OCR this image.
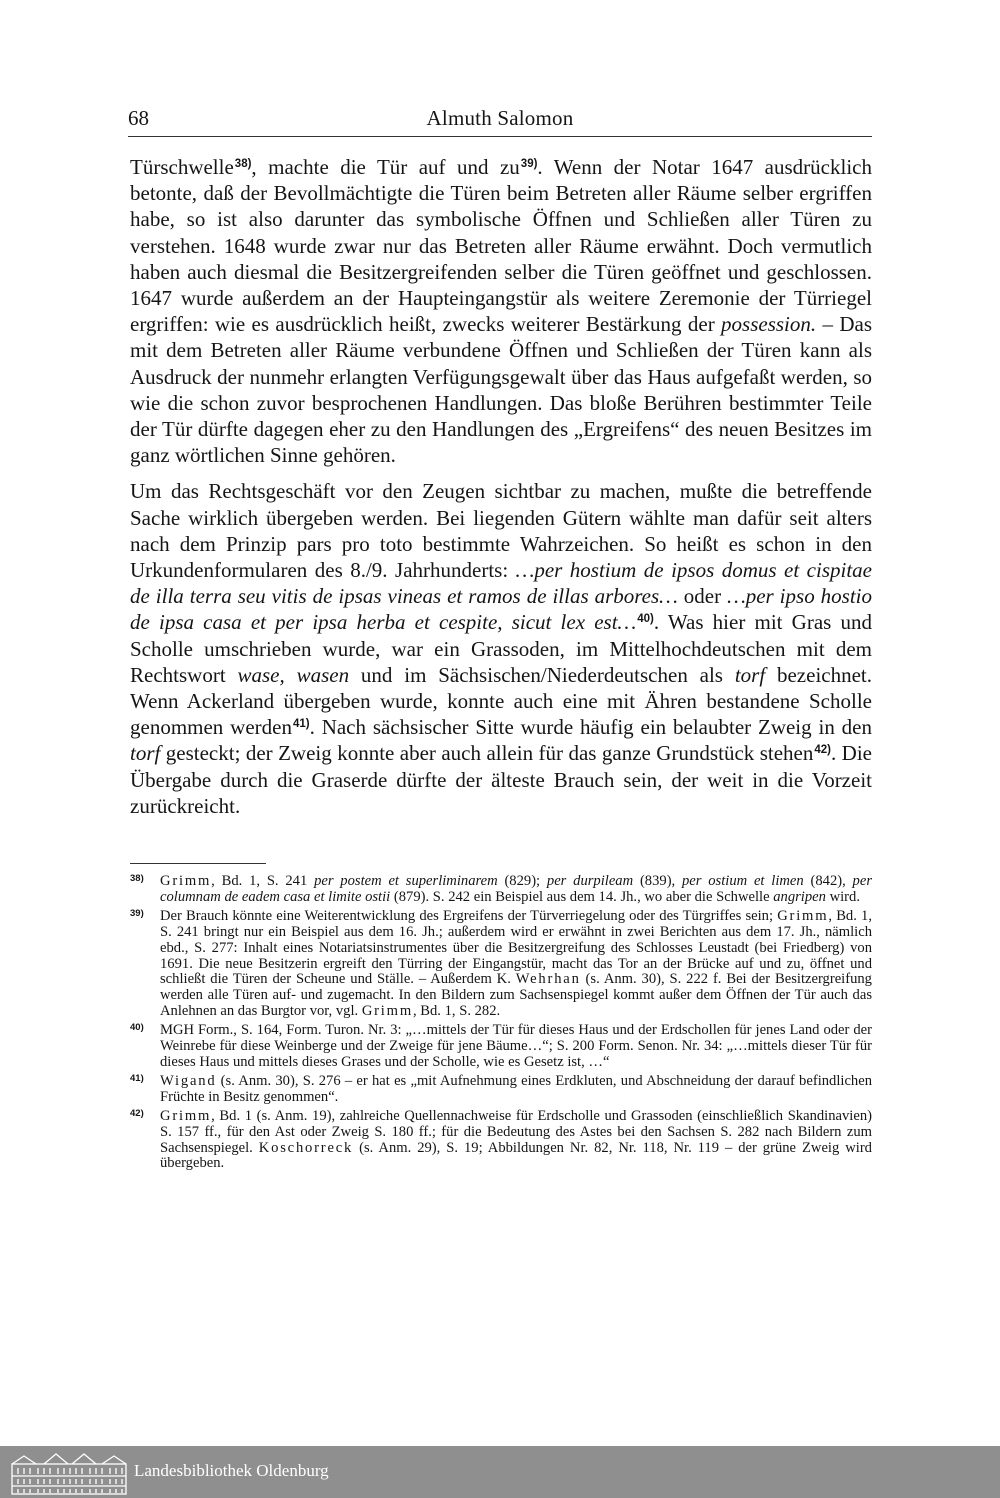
68	Almuth Salomon

Türschwelle$^{38)}$, machte die Tür auf und zu$^{39)}$. Wenn der Notar 1647 ausdrücklich betonte, daß der Bevollmächtigte die Türen beim Betreten aller Räume selber ergriffen habe, so ist also darunter das symbolische Öffnen und Schließen aller Türen zu verstehen. 1648 wurde zwar nur das Betreten aller Räume erwähnt. Doch vermutlich haben auch diesmal die Besitzergreifenden selber die Türen geöffnet und geschlossen. 1647 wurde außerdem an der Haupteingangstür als weitere Zeremonie der Türriegel ergriffen: wie es ausdrücklich heißt, zwecks weiterer Bestärkung der possession. – Das mit dem Betreten aller Räume verbundene Öffnen und Schließen der Türen kann als Ausdruck der nunmehr erlangten Verfügungsgewalt über das Haus aufgefaßt werden, so wie die schon zuvor besprochenen Handlungen. Das bloße Berühren bestimmter Teile der Tür dürfte dagegen eher zu den Handlungen des „Ergreifens“ des neuen Besitzes im ganz wörtlichen Sinne gehören.

Um das Rechtsgeschäft vor den Zeugen sichtbar zu machen, mußte die betreffende Sache wirklich übergeben werden. Bei liegenden Gütern wählte man dafür seit alters nach dem Prinzip pars pro toto bestimmte Wahrzeichen. So heißt es schon in den Urkundenformularen des 8./9. Jahrhunderts: …per hostium de ipsos domus et cispitae de illa terra seu vitis de ipsas vineas et ramos de illas arbores… oder …per ipso hostio de ipsa casa et per ipsa herba et cespite, sicut lex est…$^{40)}$. Was hier mit Gras und Scholle umschrieben wurde, war ein Grassoden, im Mittelhochdeutschen mit dem Rechtswort wase, wasen und im Sächsischen/Niederdeutschen als torf bezeichnet. Wenn Ackerland übergeben wurde, konnte auch eine mit Ähren bestandene Scholle genommen werden$^{41)}$. Nach sächsischer Sitte wurde häufig ein belaubter Zweig in den torf gesteckt; der Zweig konnte aber auch allein für das ganze Grundstück stehen$^{42)}$. Die Übergabe durch die Graserde dürfte der älteste Brauch sein, der weit in die Vorzeit zurückreicht.

$^{38)}$ Grimm, Bd. 1, S. 241 per postem et superliminarem (829); per durpileam (839), per ostium et limen (842), per columnam de eadem casa et limite ostii (879). S. 242 ein Beispiel aus dem 14. Jh., wo aber die Schwelle angripen wird.
$^{39)}$ Der Brauch könnte eine Weiterentwicklung des Ergreifens der Türverriegelung oder des Türgriffes sein; Grimm, Bd. 1, S. 241 bringt nur ein Beispiel aus dem 16. Jh.; außerdem wird er erwähnt in zwei Berichten aus dem 17. Jh., nämlich ebd., S. 277: Inhalt eines Notariatsinstrumentes über die Besitzergreifung des Schlosses Leustadt (bei Friedberg) von 1691. Die neue Besitzerin ergreift den Türring der Eingangstür, macht das Tor an der Brücke auf und zu, öffnet und schließt die Türen der Scheune und Ställe. – Außerdem K. Wehrhan (s. Anm. 30), S. 222 f. Bei der Besitzergreifung werden alle Türen auf- und zugemacht. In den Bildern zum Sachsenspiegel kommt außer dem Öffnen der Tür auch das Anlehnen an das Burgtor vor, vgl. Grimm, Bd. 1, S. 282.
$^{40)}$ MGH Form., S. 164, Form. Turon. Nr. 3: „…mittels der Tür für dieses Haus und der Erdschollen für jenes Land oder der Weinrebe für diese Weinberge und der Zweige für jene Bäume…“; S. 200 Form. Senon. Nr. 34: „…mittels dieser Tür für dieses Haus und mittels dieses Grases und der Scholle, wie es Gesetz ist, …“
$^{41)}$ Wigand (s. Anm. 30), S. 276 – er hat es „mit Aufnehmung eines Erdkluten, und Abschneidung der darauf befindlichen Früchte in Besitz genommen“.
$^{42)}$ Grimm, Bd. 1 (s. Anm. 19), zahlreiche Quellennachweise für Erdscholle und Grassoden (einschließlich Skandinavien) S. 157 ff., für den Ast oder Zweig S. 180 ff.; für die Bedeutung des Astes bei den Sachsen S. 282 nach Bildern zum Sachsenspiegel. Koschorreck (s. Anm. 29), S. 19; Abbildungen Nr. 82, Nr. 118, Nr. 119 – der grüne Zweig wird übergeben.
Landesbibliothek Oldenburg
